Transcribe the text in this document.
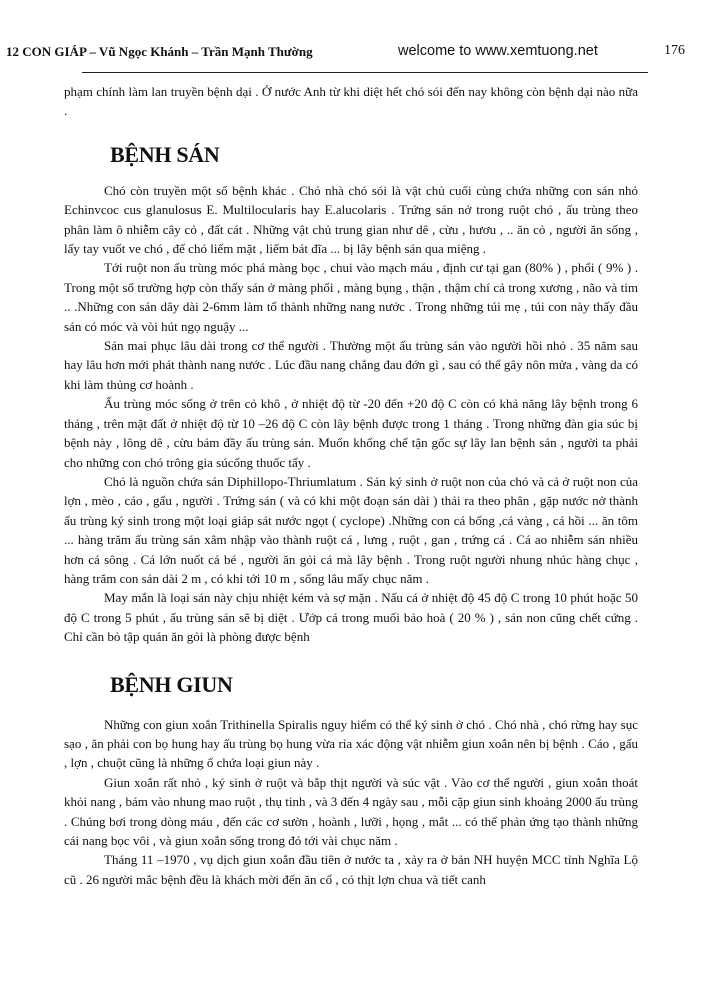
12 CON GIÁP – Vũ Ngọc Khánh – Trần Mạnh Thường	welcome to www.xemtuong.net	176

phạm chính làm lan truyền bệnh dại . Ở nước Anh từ khi diệt hết chó sói đến nay không còn bệnh dại nào nữa .

BỆNH SÁN

Chó còn truyền một số bệnh khác . Chó nhà chó sói là vật chủ cuối cùng chứa những con sán nhỏ Echinvcoc cus glanulosus E. Multilocularis hay E.alucolaris . Trứng sán nở trong ruột chó , ấu trùng theo phân làm ô nhiễm cây cỏ , đất cát . Những vật chủ trung gian như dê , cừu , hươu , .. ăn cỏ , người ăn sống , lấy tay vuốt ve chó , để chó liếm mặt , liếm bát đĩa ... bị lây bệnh sán qua miệng .

Tới ruột non ấu trùng móc phá màng bọc , chui vào mạch máu , định cư tại gan (80% ) , phổi ( 9% ) . Trong một số trường hợp còn thấy sán ở màng phổi , màng bụng , thận , thậm chí cả trong xương , não và tim .. .Những con sán dây dài 2-6mm làm tổ thành những nang nước . Trong những túi mẹ , túi con này thấy đầu sán có móc và vòi hút ngọ nguậy ...

Sán mai phục lâu dài trong cơ thể người . Thường một ấu trùng sán vào người hồi nhỏ . 35 năm sau hay lâu hơn mới phát thành nang nước . Lúc đầu nang chẳng đau đớn gì , sau có thể gây nôn mửa , vàng da có khi làm thủng cơ hoành .

Ấu trùng móc sống ở trên cỏ khô , ở nhiệt độ từ -20 đến +20 độ C còn có khả năng lây bệnh trong 6 tháng , trên mặt đất ở nhiệt độ từ 10 –26 độ C còn lây bệnh được trong 1 tháng . Trong những đàn gia súc bị bệnh này , lông dê , cừu bám đầy ấu trùng sán. Muốn khống chế tận gốc sự lây lan bệnh sán , người ta phải cho những con chó trông gia súcống thuốc tẩy .

Chó là nguồn chứa sán Diphillopo-Thriumlatum . Sán ký sinh ở ruột non của chó và cả ở ruột non của lợn , mèo , cáo , gấu , người . Trứng sán ( và có khi một đoạn sán dài ) thải ra theo phân , gặp nước nở thành ấu trùng ký sinh trong một loại giáp sát nước ngọt ( cyclope) .Những con cá bống ,cá vàng , cá hồi ... ăn tôm ... hàng trăm ấu trùng sán xâm nhập vào thành ruột cá , lưng , ruột , gan , trứng cá . Cá ao nhiễm sán nhiều hơn cá sông . Cá lớn nuốt cá bé , người ăn gỏi cá mà lây bệnh . Trong ruột người nhung nhúc hàng chục , hàng trăm con sán dài 2 m , có khi tới 10 m , sống lâu mấy chục năm .

May mắn là loại sán này chịu nhiệt kém và sợ mặn . Nấu cá ở nhiệt độ 45 độ C trong 10 phút hoặc 50 độ C trong 5 phút , ấu trùng sán sẽ bị diệt . Ướp cá trong muối bảo hoà ( 20 % ) , sán non cũng chết cứng . Chỉ cần bỏ tập quán ăn gỏi là phòng được bệnh

BỆNH GIUN

Những con giun xoắn Trithinella Spiralis nguy hiểm có thể ký sinh ở chó . Chó nhà , chó rừng hay sục sạo , ăn phải con bọ hung hay ấu trùng bọ hung vừa rỉa xác động vật nhiễm giun xoắn nên bị bệnh . Cáo , gấu , lợn , chuột cũng là những ổ chứa loại giun này .

Giun xoắn rất nhỏ , ký sinh ở ruột và bắp thịt người và súc vật . Vào cơ thể người , giun xoắn thoát khỏi nang , bám vào nhung mao ruột , thụ tinh , và 3 đến 4 ngày sau , mỗi cặp giun sinh khoảng 2000 ấu trùng . Chúng bơi trong dòng máu , đến các cơ sườn , hoành , lưỡi , họng , mắt ... có thể phản ứng tạo thành những cái nang bọc vôi , và giun xoắn sống trong đó tới vài chục năm .

Tháng 11 –1970 , vụ dịch giun xoắn đầu tiên ở nước ta , xảy ra ở bản NH huyện MCC tỉnh Nghĩa Lộ cũ . 26 người mắc bệnh đều là khách mời đến ăn cổ , có thịt lợn chua và tiết canh
